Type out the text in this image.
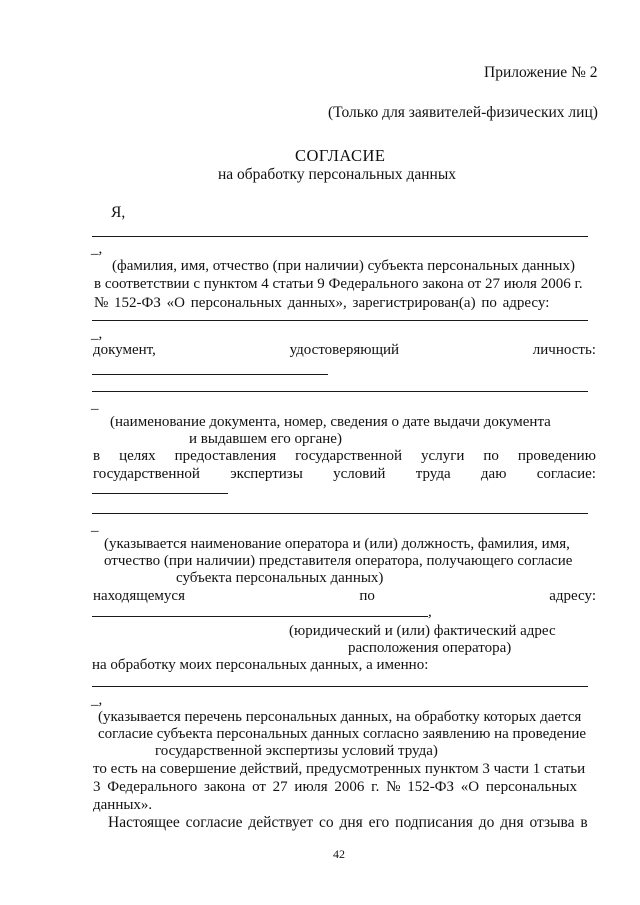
Приложение № 2
(Только для заявителей-физических лиц)
СОГЛАСИЕ
на обработку персональных данных
Я,
_,
(фамилия, имя, отчество (при наличии) субъекта персональных данных)
в соответствии с пунктом 4 статьи 9 Федерального закона от 27 июля 2006 г.
№ 152-ФЗ «О персональных данных», зарегистрирован(а) по адресу:
_,
документ,	удостоверяющий	личность:
_
(наименование документа, номер, сведения о дате выдачи документа
и выдавшем его органе)
в целях предоставления государственной услуги по проведению
государственной экспертизы условий труда даю согласие:
_
(указывается наименование оператора и (или) должность, фамилия, имя,
отчество (при наличии) представителя оператора, получающего согласие
субъекта персональных данных)
находящемуся	по	адресу:
,
(юридический и (или) фактический адрес
расположения оператора)
на обработку моих персональных данных, а именно:
_,
(указывается перечень персональных данных, на обработку которых дается
согласие субъекта персональных данных согласно заявлению на проведение
государственной экспертизы условий труда)
то есть на совершение действий, предусмотренных пунктом 3 части 1 статьи
3 Федерального закона от 27 июля 2006 г. № 152-ФЗ «О персональных
данных».
Настоящее согласие действует со дня его подписания до дня отзыва в
42
